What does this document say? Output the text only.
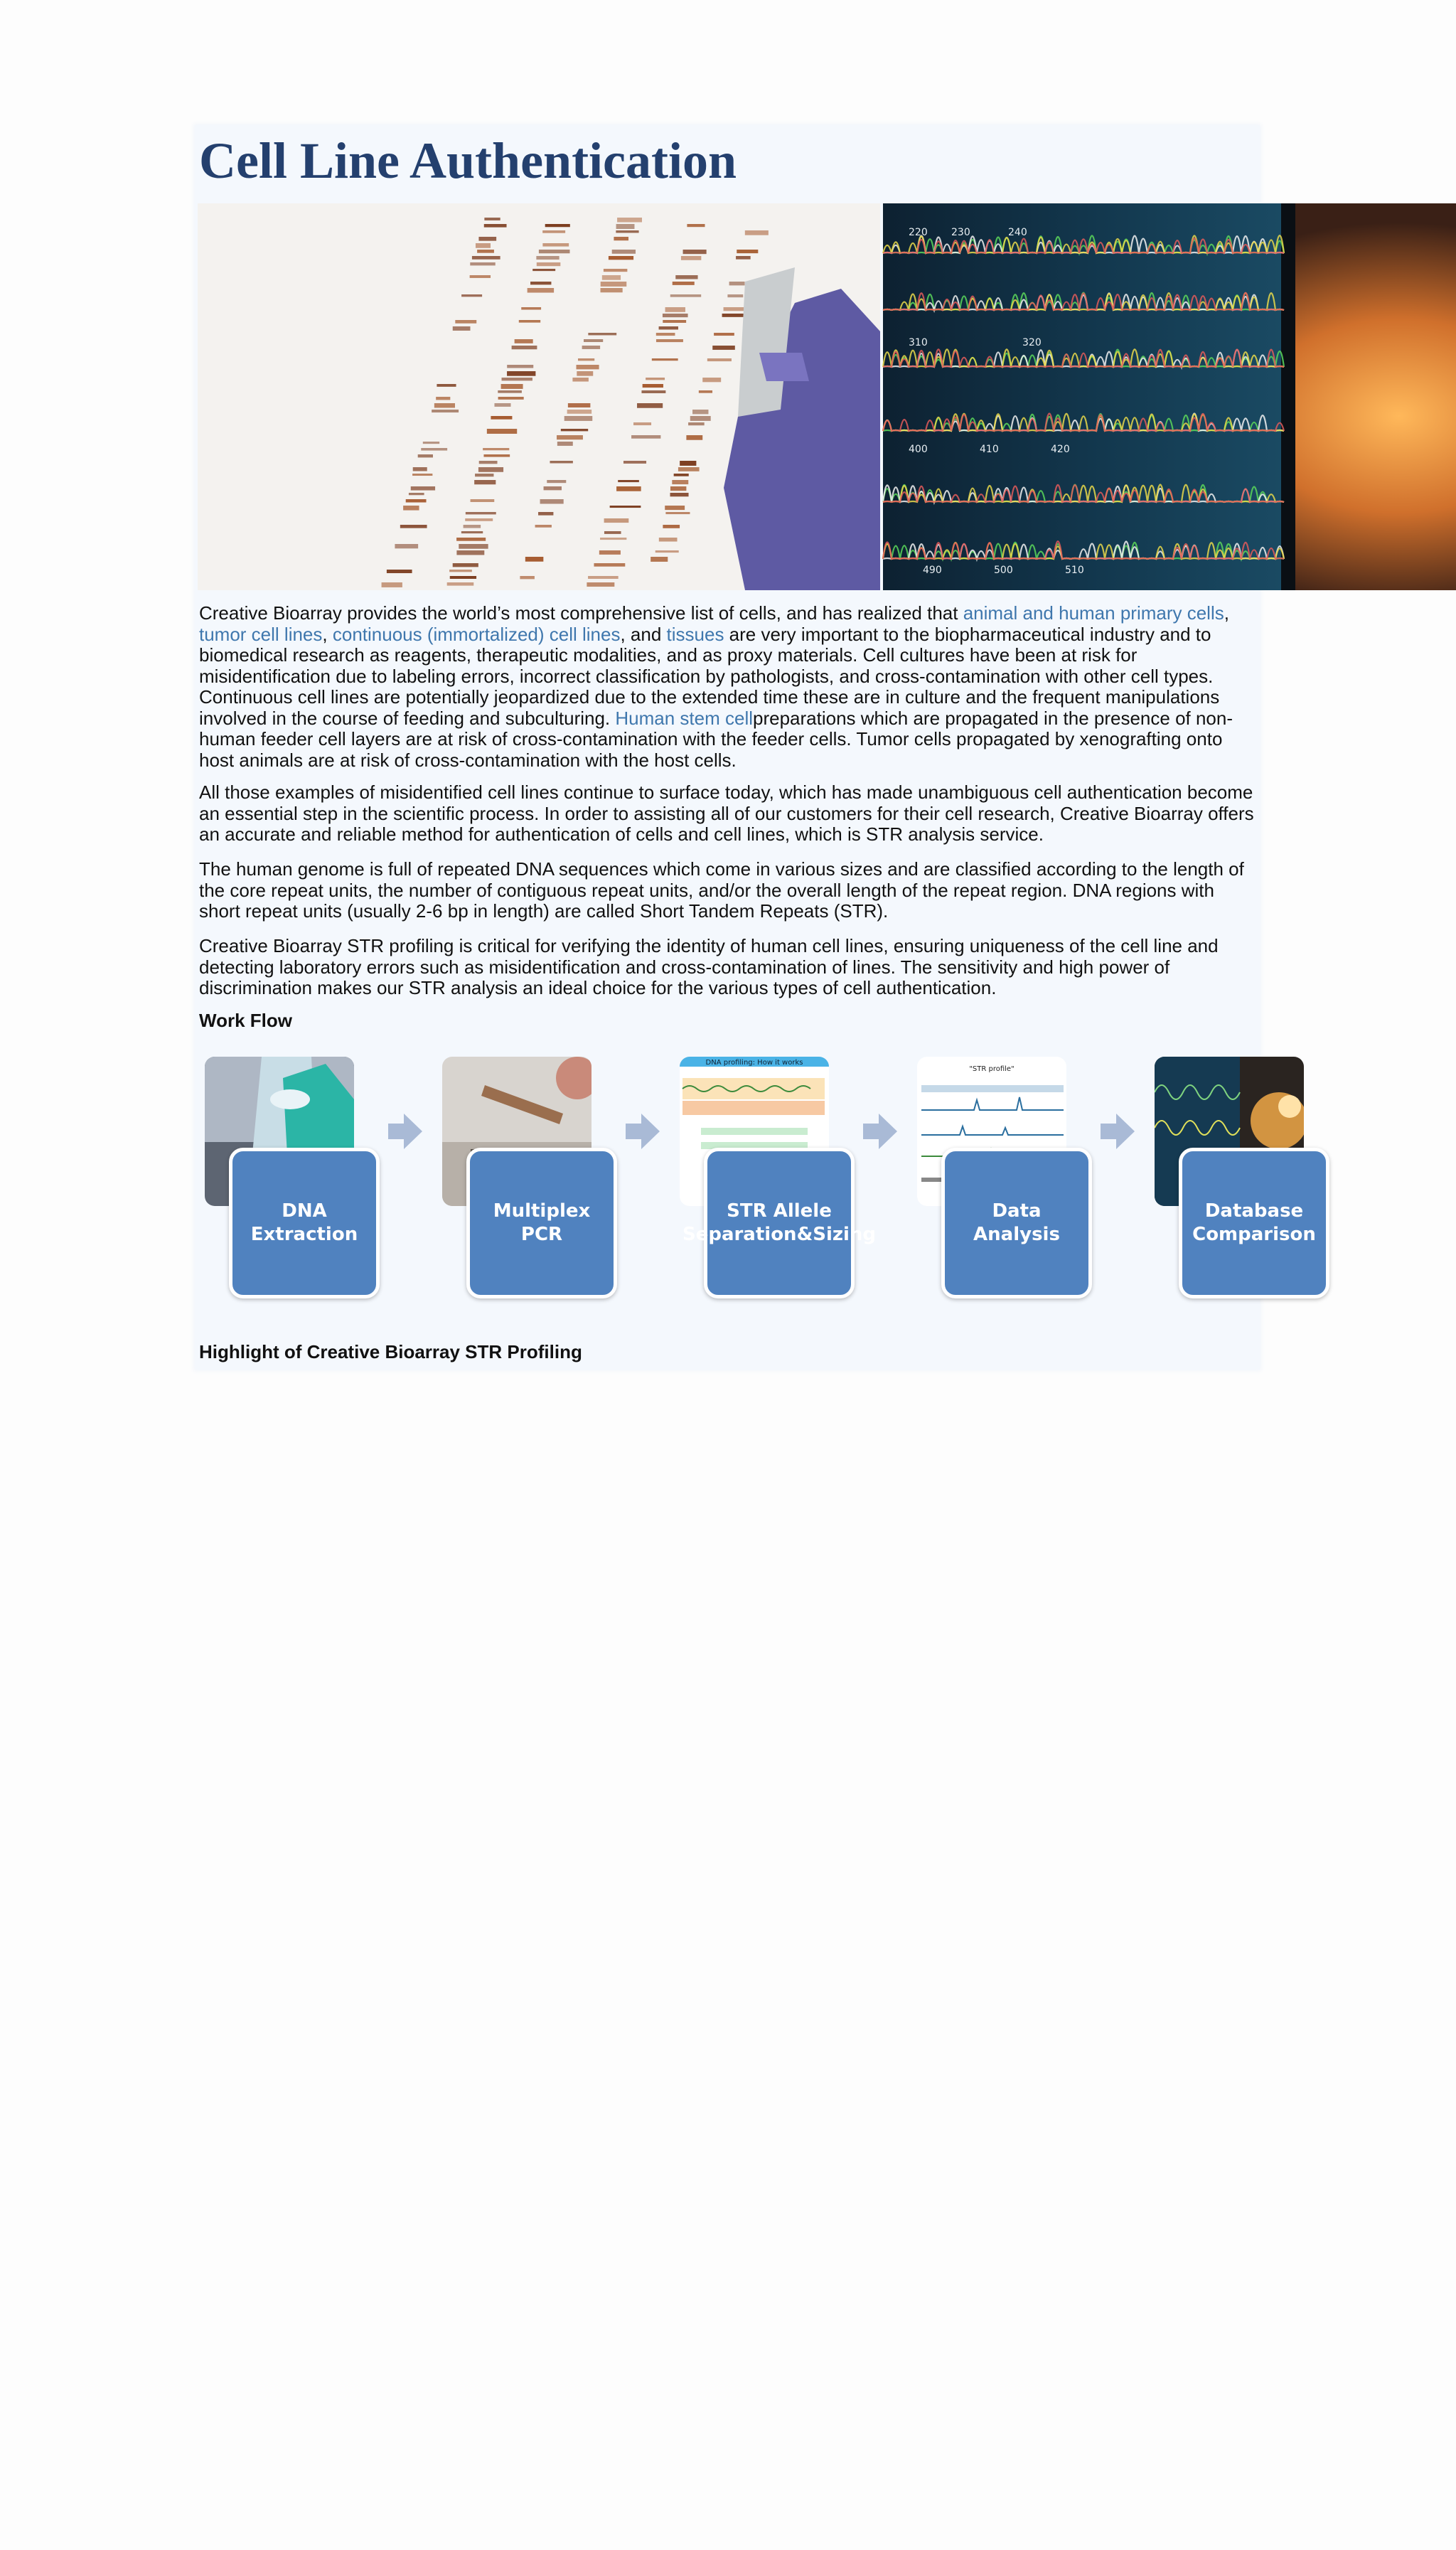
Cell Line Authentication
220 230	240
310	320
400	410	420
490	500	510

Creative Bioarray provides the world’s most comprehensive list of cells, and has realized that animal and human primary cells, tumor cell lines, continuous (immortalized) cell lines, and tissues are very important to the biopharmaceutical industry and to biomedical research as reagents, therapeutic modalities, and as proxy materials. Cell cultures have been at risk for misidentification due to labeling errors, incorrect classification by pathologists, and cross-contamination with other cell types. Continuous cell lines are potentially jeopardized due to the extended time these are in culture and the frequent manipulations involved in the course of feeding and subculturing. Human stem cellpreparations which are propagated in the presence of non-human feeder cell layers are at risk of cross-contamination with the feeder cells. Tumor cells propagated by xenografting onto host animals are at risk of cross-contamination with the host cells.

All those examples of misidentified cell lines continue to surface today, which has made unambiguous cell authentication become an essential step in the scientific process. In order to assisting all of our customers for their cell research, Creative Bioarray offers an accurate and reliable method for authentication of cells and cell lines, which is STR analysis service.

The human genome is full of repeated DNA sequences which come in various sizes and are classified according to the length of the core repeat units, the number of contiguous repeat units, and/or the overall length of the repeat region. DNA regions with short repeat units (usually 2-6 bp in length) are called Short Tandem Repeats (STR).

Creative Bioarray STR profiling is critical for verifying the identity of human cell lines, ensuring uniqueness of the cell line and detecting laboratory errors such as misidentification and cross-contamination of lines. The sensitivity and high power of discrimination makes our STR analysis an ideal choice for the various types of cell authentication.

Work Flow
DNA Extraction
Multiplex PCR
DNA profiling: How it works
STR Allele Separation&Sizing
"STR profile"
Data Analysis
Database Comparison
Highlight of Creative Bioarray STR Profiling
